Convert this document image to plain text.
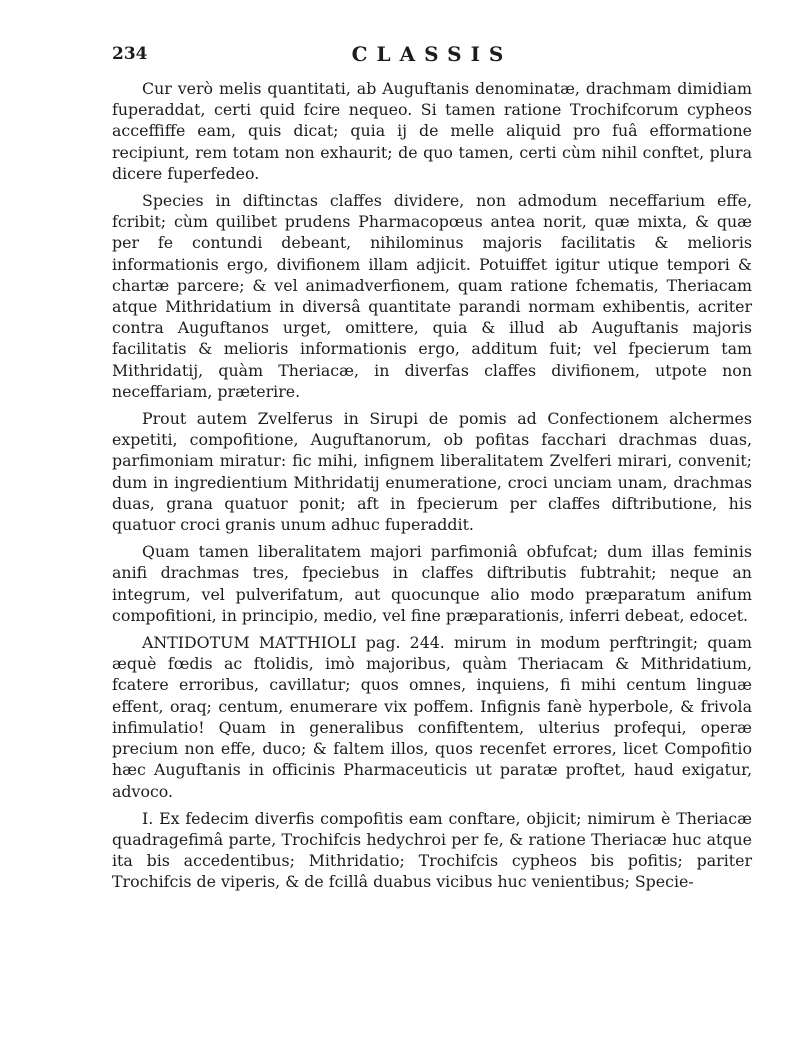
234	CLASSIS

Cur verò melis quantitati, ab Auguftanis denominatæ, drachmam dimidiam fuperaddat, certi quid fcire nequeo. Si tamen ratione Trochifcorum cypheos acceffiffe eam, quis dicat; quia ij de melle aliquid pro fuâ efformatione recipiunt, rem totam non exhaurit; de quo tamen, certi cùm nihil conftet, plura dicere fuperfedeo.

Species in diftinctas claffes dividere, non admodum neceffarium effe, fcribit; cùm quilibet prudens Pharmacopœus antea norit, quæ mixta, & quæ per fe contundi debeant, nihilominus majoris facilitatis & melioris informationis ergo, divifionem illam adjicit. Potuiffet igitur utique tempori & chartæ parcere; & vel animadverfionem, quam ratione fchematis, Theriacam atque Mithridatium in diversâ quantitate parandi normam exhibentis, acriter contra Auguftanos urget, omittere, quia & illud ab Auguftanis majoris facilitatis & melioris informationis ergo, additum fuit; vel fpecierum tam Mithridatij, quàm Theriacæ, in diverfas claffes divifionem, utpote non neceffariam, præterire.

Prout autem Zvelferus in Sirupi de pomis ad Confectionem alchermes expetiti, compofitione, Auguftanorum, ob pofitas facchari drachmas duas, parfimoniam miratur: fic mihi, infignem liberalitatem Zvelferi mirari, convenit; dum in ingredientium Mithridatij enumeratione, croci unciam unam, drachmas duas, grana quatuor ponit; aft in fpecierum per claffes diftributione, his quatuor croci granis unum adhuc fuperaddit.

Quam tamen liberalitatem majori parfimoniâ obfufcat; dum illas feminis anifi drachmas tres, fpeciebus in claffes diftributis fubtrahit; neque an integrum, vel pulverifatum, aut quocunque alio modo præparatum anifum compofitioni, in principio, medio, vel fine præparationis, inferri debeat, edocet.

ANTIDOTUM MATTHIOLI pag. 244. mirum in modum perftringit; quam æquè fœdis ac ftolidis, imò majoribus, quàm Theriacam & Mithridatium, fcatere erroribus, cavillatur; quos omnes, inquiens, fi mihi centum linguæ effent, oraq; centum, enumerare vix poffem. Infignis fanè hyperbole, & frivola infimulatio! Quam in generalibus confiftentem, ulterius profequi, operæ precium non effe, duco; & faltem illos, quos recenfet errores, licet Compofitio hæc Auguftanis in officinis Pharmaceuticis ut paratæ proftet, haud exigatur, advoco.

I. Ex fedecim diverfis compofitis eam conftare, objicit; nimirum è Theriacæ quadragefimâ parte, Trochifcis hedychroi per fe, & ratione Theriacæ huc atque ita bis accedentibus; Mithridatio; Trochifcis cypheos bis pofitis; pariter Trochifcis de viperis, & de fcillâ duabus vicibus huc venientibus; Specie-
